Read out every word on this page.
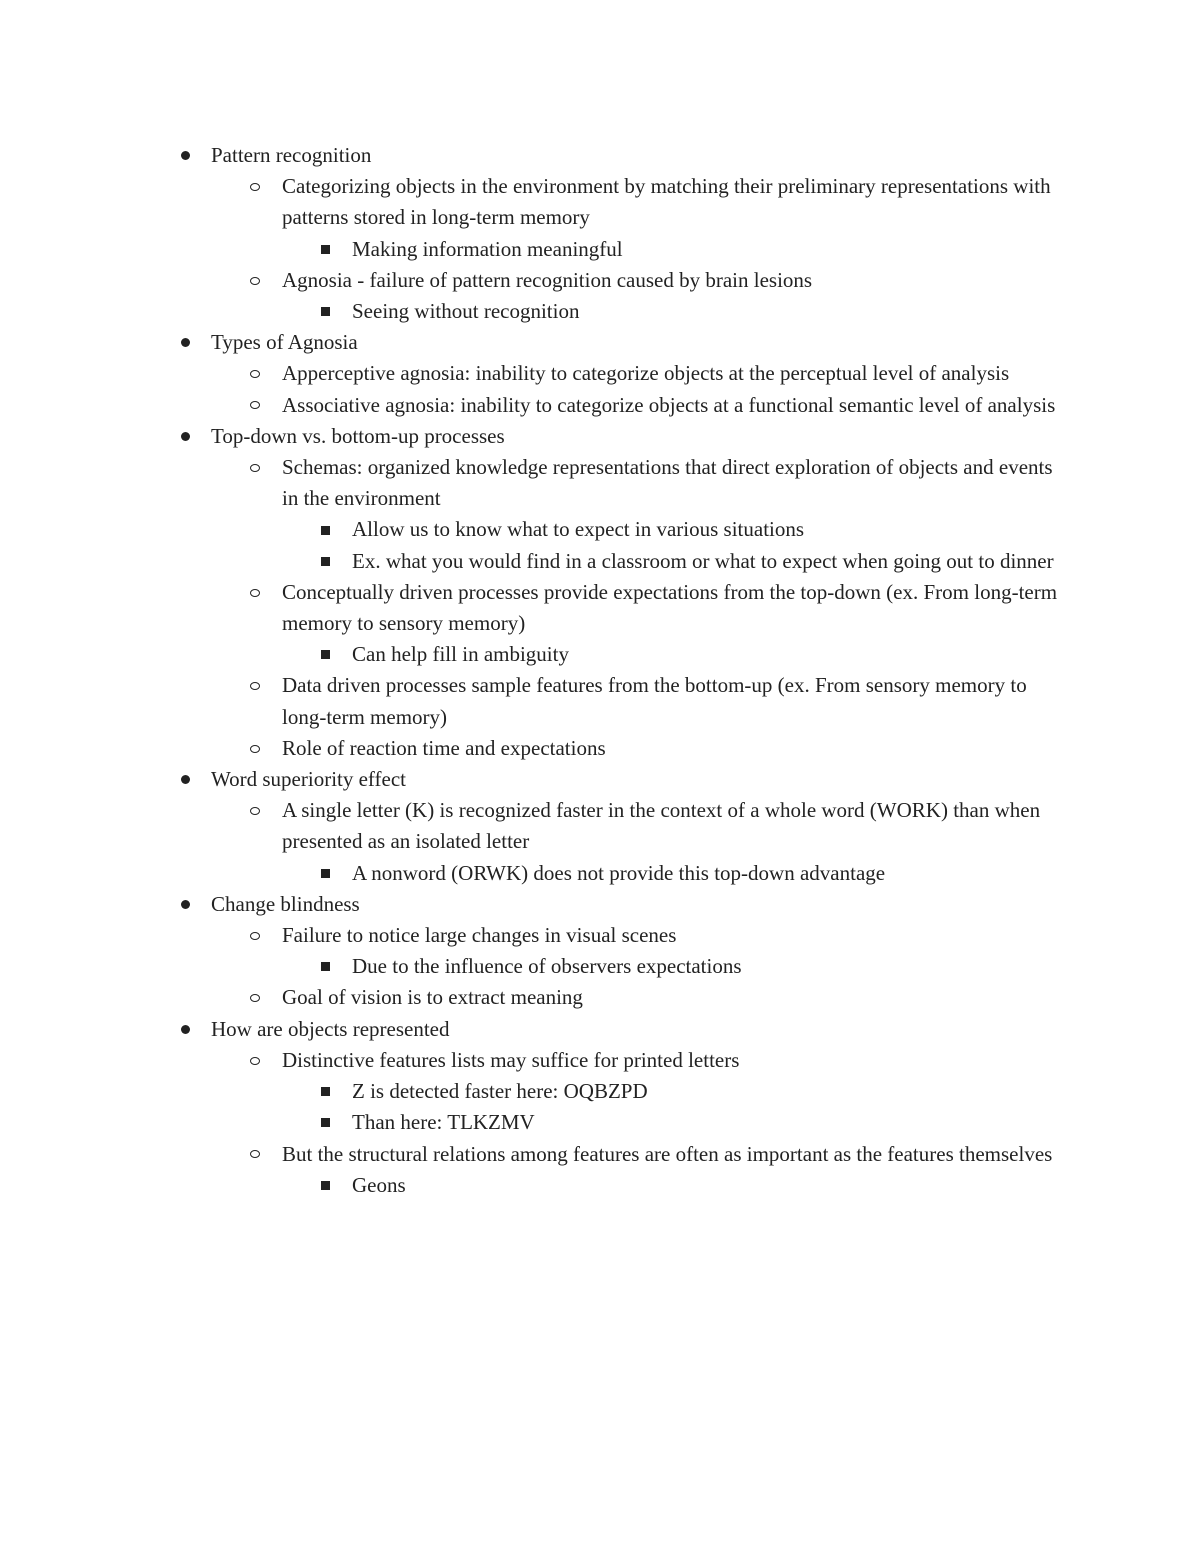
Pattern recognition
Categorizing objects in the environment by matching their preliminary representations with patterns stored in long-term memory
Making information meaningful
Agnosia - failure of pattern recognition caused by brain lesions
Seeing without recognition
Types of Agnosia
Apperceptive agnosia: inability to categorize objects at the perceptual level of analysis
Associative agnosia: inability to categorize objects at a functional semantic level of analysis
Top-down vs. bottom-up processes
Schemas: organized knowledge representations that direct exploration of objects and events in the environment
Allow us to know what to expect in various situations
Ex. what you would find in a classroom or what to expect when going out to dinner
Conceptually driven processes provide expectations from the top-down (ex. From long-term memory to sensory memory)
Can help fill in ambiguity
Data driven processes sample features from the bottom-up (ex. From sensory memory to long-term memory)
Role of reaction time and expectations
Word superiority effect
A single letter (K) is recognized faster in the context of a whole word (WORK) than when presented as an isolated letter
A nonword (ORWK) does not provide this top-down advantage
Change blindness
Failure to notice large changes in visual scenes
Due to the influence of observers expectations
Goal of vision is to extract meaning
How are objects represented
Distinctive features lists may suffice for printed letters
Z is detected faster here: OQBZPD
Than here: TLKZMV
But the structural relations among features are often as important as the features themselves
Geons
